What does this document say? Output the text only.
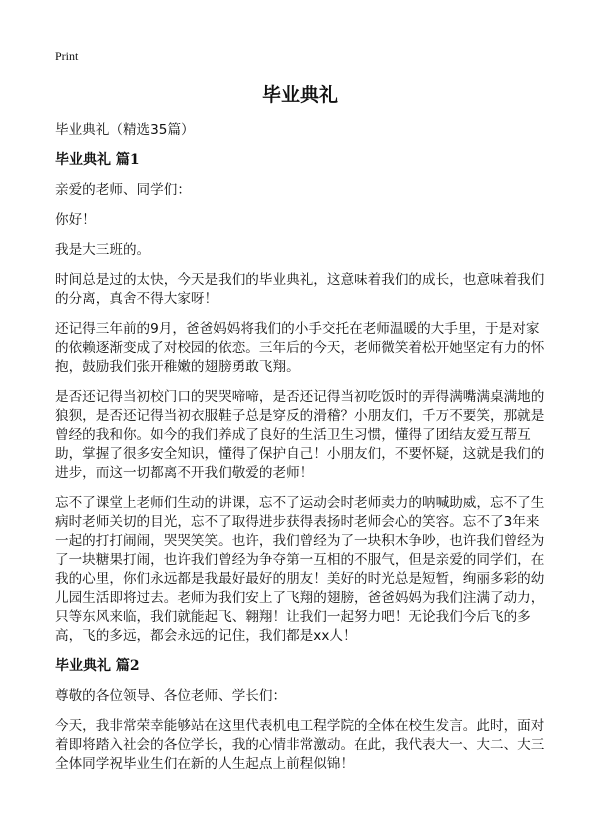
Print
毕业典礼

毕业典礼（精选35篇）

毕业典礼 篇1

亲爱的老师、同学们：

你好！

我是大三班的。

时间总是过的太快，今天是我们的毕业典礼，这意味着我们的成长，也意味着我们的分离，真舍不得大家呀！

还记得三年前的9月，爸爸妈妈将我们的小手交托在老师温暖的大手里，于是对家的依赖逐渐变成了对校园的依恋。三年后的今天，老师微笑着松开她坚定有力的怀抱，鼓励我们张开稚嫩的翅膀勇敢飞翔。

是否还记得当初校门口的哭哭啼啼，是否还记得当初吃饭时的弄得满嘴满桌满地的狼狈，是否还记得当初衣服鞋子总是穿反的滑稽？小朋友们，千万不要笑，那就是曾经的我和你。如今的我们养成了良好的生活卫生习惯，懂得了团结友爱互帮互助，掌握了很多安全知识，懂得了保护自己！小朋友们，不要怀疑，这就是我们的进步，而这一切都离不开我们敬爱的老师！

忘不了课堂上老师们生动的讲课，忘不了运动会时老师卖力的呐喊助威，忘不了生病时老师关切的目光，忘不了取得进步获得表扬时老师会心的笑容。忘不了3年来一起的打打闹闹，哭哭笑笑。也许，我们曾经为了一块积木争吵，也许我们曾经为了一块糖果打闹，也许我们曾经为争夺第一互相的不服气，但是亲爱的同学们，在我的心里，你们永远都是我最好最好的朋友！美好的时光总是短暂，绚丽多彩的幼儿园生活即将过去。老师为我们安上了飞翔的翅膀，爸爸妈妈为我们注满了动力，只等东风来临，我们就能起飞、翱翔！让我们一起努力吧！无论我们今后飞的多高，飞的多远，都会永远的记住，我们都是xx人！

毕业典礼 篇2

尊敬的各位领导、各位老师、学长们：

今天，我非常荣幸能够站在这里代表机电工程学院的全体在校生发言。此时，面对着即将踏入社会的各位学长，我的心情非常激动。在此，我代表大一、大二、大三全体同学祝毕业生们在新的人生起点上前程似锦！
